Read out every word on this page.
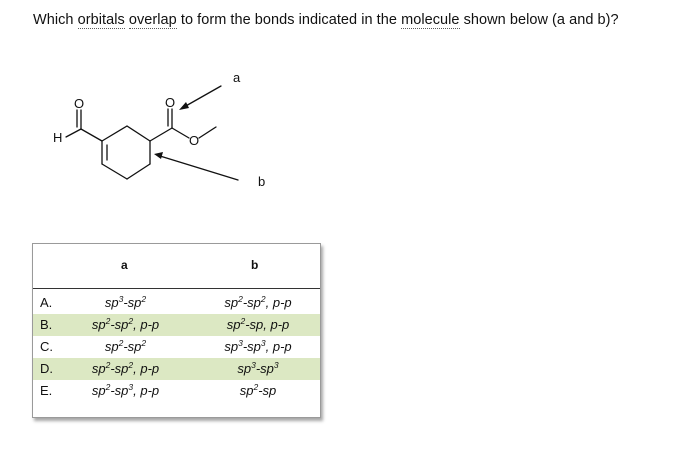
Which orbitals overlap to form the bonds indicated in the molecule shown below (a and b)?
H
O	O
O
a
b
a	b
A.	$sp^3-sp^2$	$sp^2-sp^2$, p-p
B.	$sp^2-sp^2$, p-p	$sp^2-sp$, p-p
C.	$sp^2-sp^2$	$sp^3-sp^3$, p-p
D.	$sp^2-sp^2$, p-p	$sp^3-sp^3$
E.	$sp^2-sp^3$, p-p	$sp^2-sp$
